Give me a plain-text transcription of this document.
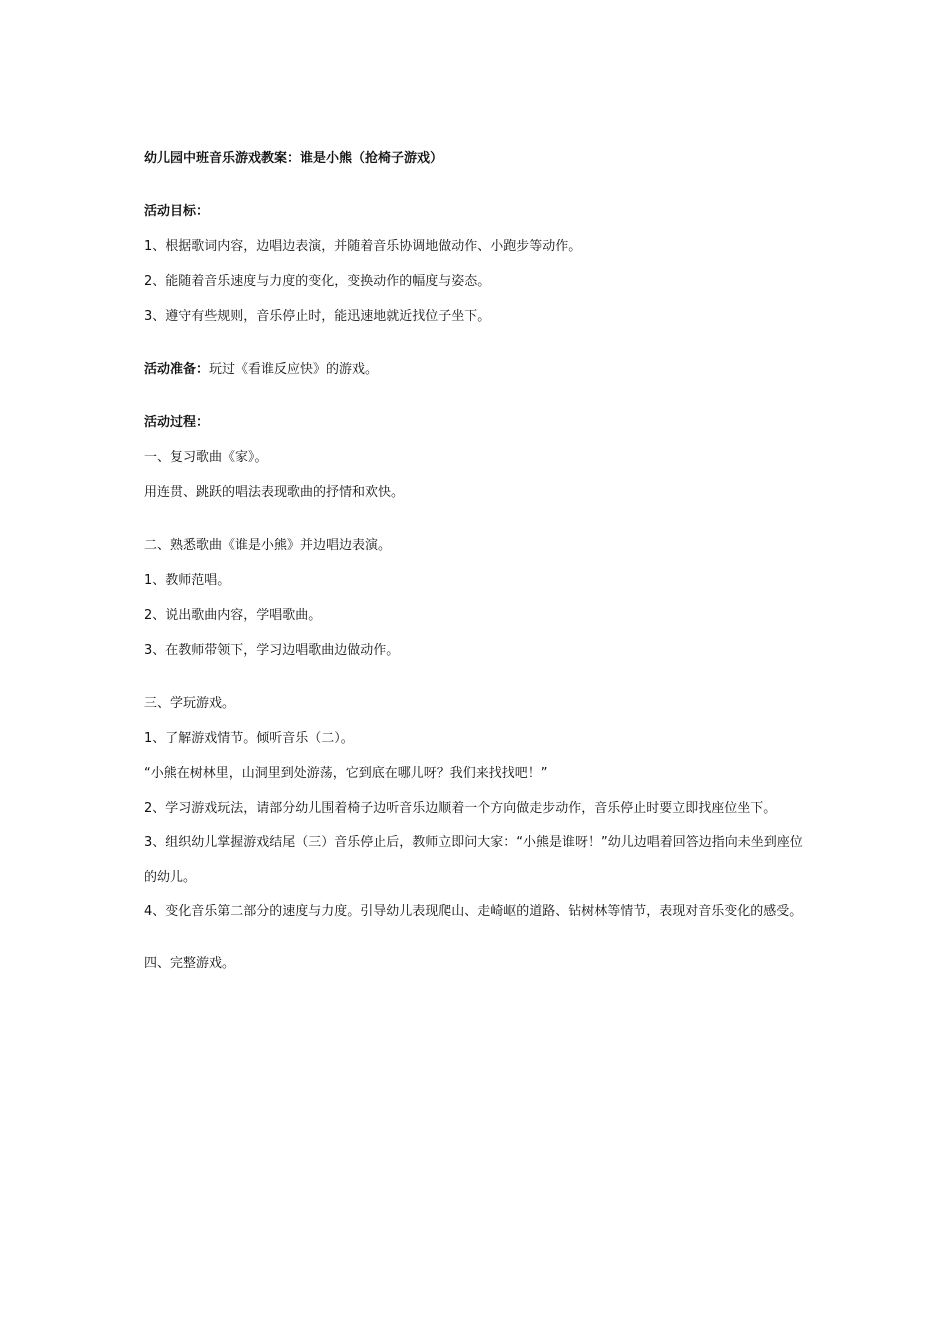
幼儿园中班音乐游戏教案：谁是小熊（抢椅子游戏）

活动目标：

1、根据歌词内容，边唱边表演，并随着音乐协调地做动作、小跑步等动作。

2、能随着音乐速度与力度的变化，变换动作的幅度与姿态。

3、遵守有些规则，音乐停止时，能迅速地就近找位子坐下。

活动准备：玩过《看谁反应快》的游戏。

活动过程：

一、复习歌曲《家》。

用连贯、跳跃的唱法表现歌曲的抒情和欢快。

二、熟悉歌曲《谁是小熊》并边唱边表演。

1、教师范唱。

2、说出歌曲内容，学唱歌曲。

3、在教师带领下，学习边唱歌曲边做动作。

三、学玩游戏。

1、了解游戏情节。倾听音乐（二）。

“小熊在树林里，山洞里到处游荡，它到底在哪儿呀？我们来找找吧！”

2、学习游戏玩法，请部分幼儿围着椅子边听音乐边顺着一个方向做走步动作，音乐停止时要立即找座位坐下。

3、组织幼儿掌握游戏结尾（三）音乐停止后，教师立即问大家：“小熊是谁呀！”幼儿边唱着回答边指向未坐到座位的幼儿。

4、变化音乐第二部分的速度与力度。引导幼儿表现爬山、走崎岖的道路、钻树林等情节，表现对音乐变化的感受。

四、完整游戏。
